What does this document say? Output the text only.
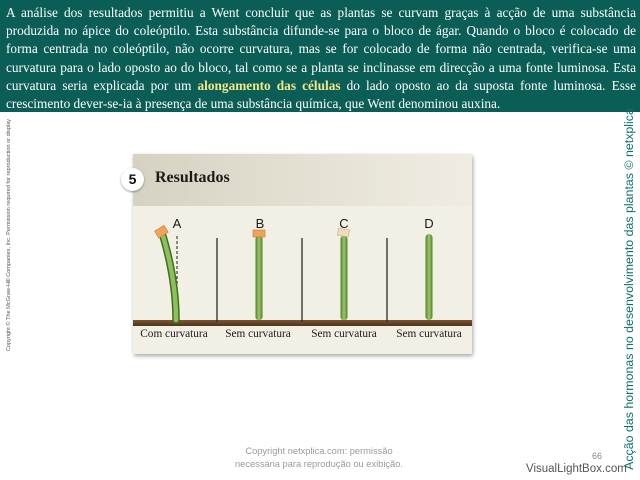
A análise dos resultados permitiu a Went concluir que as plantas se curvam graças à acção de uma substância produzida no ápice do coleóptilo. Esta substância difunde-se para o bloco de ágar. Quando o bloco é colocado de forma centrada no coleóptilo, não ocorre curvatura, mas se for colocado de forma não centrada, verifica-se uma curvatura para o lado oposto ao do bloco, tal como se a planta se inclinasse em direcção a uma fonte luminosa. Esta curvatura seria explicada por um alongamento das células do lado oposto ao da suposta fonte luminosa. Esse crescimento dever-se-ia à presença de uma substância química, que Went denominou auxina.

Copyright © The McGraw-Hill Companies, Inc. Permission required for reproduction or display	Acção das hormonas no desenvolvimento das plantas © netxplica
5	Resultados
A	B	C	D
Com curvatura	Sem curvatura	Sem curvatura	Sem curvatura
Copyright netxplica.com: permissão
necessária para reprodução ou exibição.
66
VisualLightBox.com
